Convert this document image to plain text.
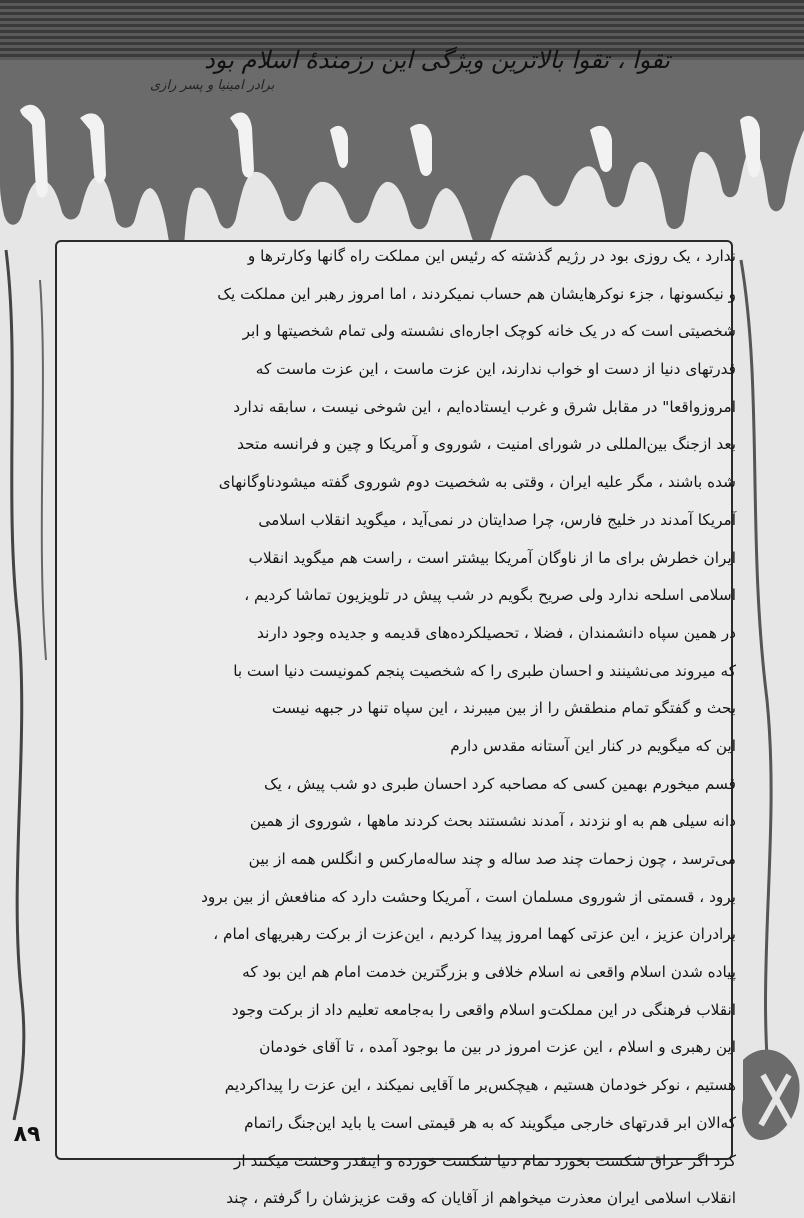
تقوا ، تقوا بالاترین ویژگی این رزمندهٔ اسلام بود
برادر امینیا و پسر رازی
ندارد ، یک روزی بود در رژیم گذشته که رئیس این مملکت راه گانها وکارترها و
و نیکسونها ، جزء نوکرهایشان هم حساب نمیکردند ، اما امروز رهبر این مملکت یک
شخصیتی است که در یک خانه کوچک اجاره‌ای نشسته ولی تمام شخصیتها و ابر
قدرتهای دنیا از دست او خواب ندارند، این عزت ماست ، این عزت ماست که
امروزواقعا" در مقابل شرق و غرب ایستاده‌ایم ، این شوخی نیست ، سابقه ندارد
بعد ازجنگ بین‌المللی در شورای امنیت ، شوروی و آمریکا و چین و فرانسه متحد
شده باشند ، مگر علیه ایران ، وقتی به شخصیت دوم شوروی گفته میشودناوگانهای
آمریکا آمدند در خلیج فارس، چرا صدایتان در نمی‌آید ، میگوید انقلاب اسلامی
ایران خطرش برای ما از ناوگان آمریکا بیشتر است ، راست هم میگوید انقلاب
اسلامی اسلحه ندارد ولی صریح بگویم در شب پیش در تلویزیون تماشا کردیم ،
در همین سپاه دانشمندان ، فضلا ، تحصیلکرده‌های قدیمه و جدیده وجود دارند
که میروند می‌نشینند و احسان طبری را که شخصیت پنجم کمونیست دنیا است با
بحث و گفتگو تمام منطقش را از بین میبرند ، این سپاه تنها در جبهه نیست
این که میگویم در کنار این آستانه مقدس دارم
قسم میخورم بهمین کسی که مصاحبه کرد احسان طبری دو شب پیش ، یک
دانه سیلی هم به او نزدند ، آمدند نشستند بحث کردند ماهها ، شوروی از همین
می‌ترسد ، چون زحمات چند صد ساله و چند ساله‌مارکس و انگلس همه از بین
برود ، قسمتی از شوروی مسلمان است ، آمریکا وحشت دارد که منافعش از بین برود
برادران عزیز ، این عزتی کهما امروز پیدا کردیم ، این‌عزت از برکت رهبریهای امام ،
پیاده شدن اسلام واقعی نه اسلام خلافی و بزرگترین خدمت امام هم این بود که
انقلاب فرهنگی در این مملکت‌و اسلام واقعی را به‌جامعه تعلیم داد از برکت وجود
این رهبری و اسلام ، این عزت امروز در بین ما بوجود آمده ، تا آقای خودمان
هستیم ، نوکر خودمان هستیم ، هیچکس‌بر ما آقایی نمیکند ، این عزت را پیداکردیم
که‌الان ابر قدرتهای خارجی میگویند که به هر قیمتی است یا باید این‌جنگ راتمام
کرد اگر عراق شکست بخورد تمام دنیا شکست خورده و اینقدر وحشت میکنند از
انقلاب اسلامی ایران معذرت میخواهم از آقایان که وقت عزیزشان را گرفتم ، چند
۸۹
